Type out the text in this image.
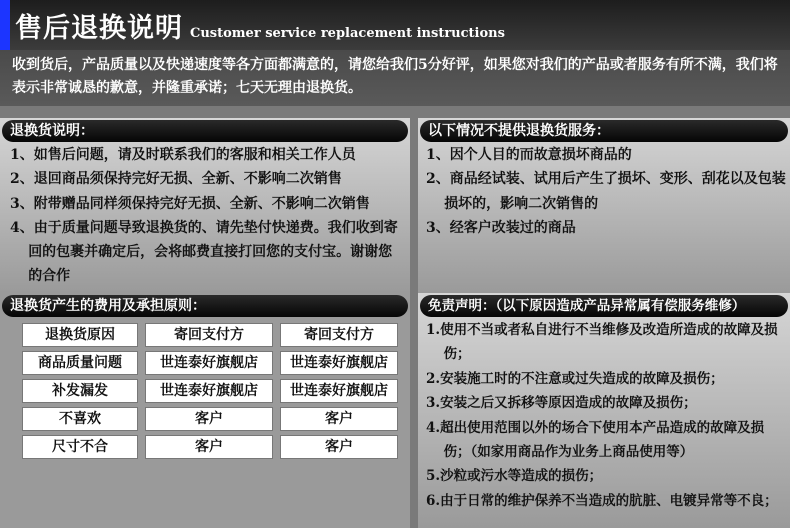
售后退换说明 Customer service replacement instructions
收到货后，产品质量以及快递速度等各方面都满意的，请您给我们5分好评，如果您对我们的产品或者服务有所不满，我们将表示非常诚恳的歉意，并隆重承诺；七天无理由退换货。
退换货说明：
1、如售后问题，请及时联系我们的客服和相关工作人员
2、退回商品须保持完好无损、全新、不影响二次销售
3、附带赠品同样须保持完好无损、全新、不影响二次销售
4、由于质量问题导致退换货的、请先垫付快递费。我们收到寄回的包裹并确定后，会将邮费直接打回您的支付宝。谢谢您的合作
以下情况不提供退换货服务：
1、因个人目的而故意损坏商品的
2、商品经试装、试用后产生了损坏、变形、刮花以及包装损坏的，影响二次销售的
3、经客户改装过的商品
退换货产生的费用及承担原则：
退换货原因	寄回支付方	寄回支付方
商品质量问题	世连泰好旗舰店	世连泰好旗舰店
补发漏发	世连泰好旗舰店	世连泰好旗舰店
不喜欢	客户	客户
尺寸不合	客户	客户
免责声明：（以下原因造成产品异常属有偿服务维修）
1.使用不当或者私自进行不当维修及改造所造成的故障及损伤；
2.安装施工时的不注意或过失造成的故障及损伤；
3.安装之后又拆移等原因造成的故障及损伤；
4.超出使用范围以外的场合下使用本产品造成的故障及损伤；（如家用商品作为业务上商品使用等）
5.沙粒或污水等造成的损伤；
6.由于日常的维护保养不当造成的肮脏、电镀异常等不良；
